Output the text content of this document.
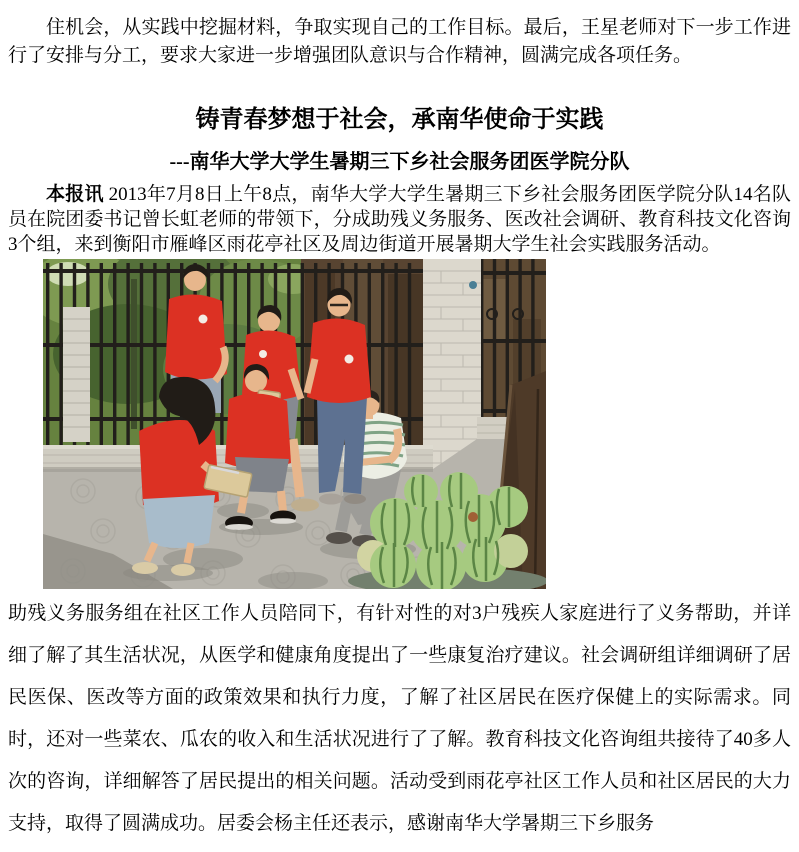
住机会，从实践中挖掘材料，争取实现自己的工作目标。最后，王星老师对下一步工作进行了安排与分工，要求大家进一步增强团队意识与合作精神，圆满完成各项任务。

铸青春梦想于社会，承南华使命于实践
---南华大学大学生暑期三下乡社会服务团医学院分队

本报讯 2013年7月8日上午8点，南华大学大学生暑期三下乡社会服务团医学院分队14名队员在院团委书记曾长虹老师的带领下，分成助残义务服务、医改社会调研、教育科技文化咨询3个组，来到衡阳市雁峰区雨花亭社区及周边街道开展暑期大学生社会实践服务活动。

助残义务服务组在社区工作人员陪同下，有针对性的对3户残疾人家庭进行了义务帮助，并详细了解了其生活状况，从医学和健康角度提出了一些康复治疗建议。社会调研组详细调研了居民医保、医改等方面的政策效果和执行力度，了解了社区居民在医疗保健上的实际需求。同时，还对一些菜农、瓜农的收入和生活状况进行了了解。教育科技文化咨询组共接待了40多人次的咨询，详细解答了居民提出的相关问题。活动受到雨花亭社区工作人员和社区居民的大力支持，取得了圆满成功。居委会杨主任还表示，感谢南华大学暑期三下乡服务
